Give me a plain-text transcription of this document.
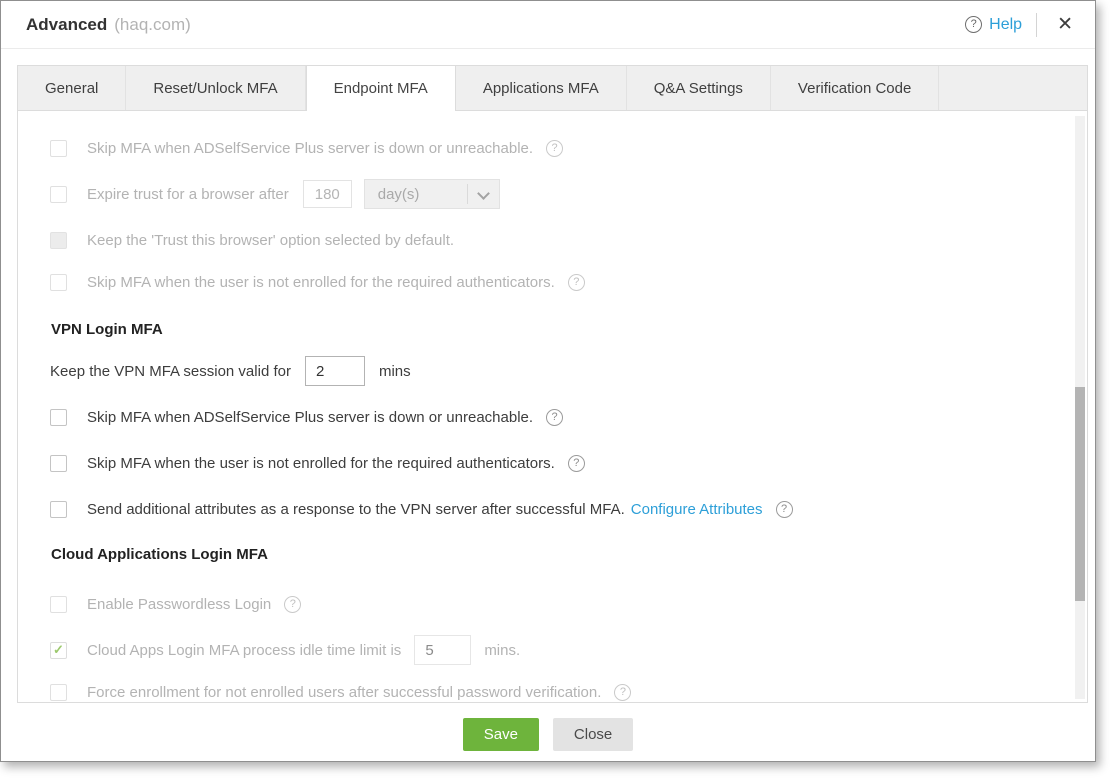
Advanced (haq.com)	? Help ✕
General	Reset/Unlock MFA	Endpoint MFA	Applications MFA	Q&A Settings	Verification Code
Skip MFA when ADSelfService Plus server is down or unreachable.	?
Expire trust for a browser after
180	day(s)
Keep the 'Trust this browser' option selected by default.
Skip MFA when the user is not enrolled for the required authenticators.	?
VPN Login MFA
Keep the VPN MFA session valid for
2	mins
Skip MFA when ADSelfService Plus server is down or unreachable.	?
Skip MFA when the user is not enrolled for the required authenticators.	?
Send additional attributes as a response to the VPN server after successful MFA. Configure Attributes	?
Cloud Applications Login MFA
Enable Passwordless Login	?
✓ Cloud Apps Login MFA process idle time limit is
5	mins.
Force enrollment for not enrolled users after successful password verification.	?
Save	Close
